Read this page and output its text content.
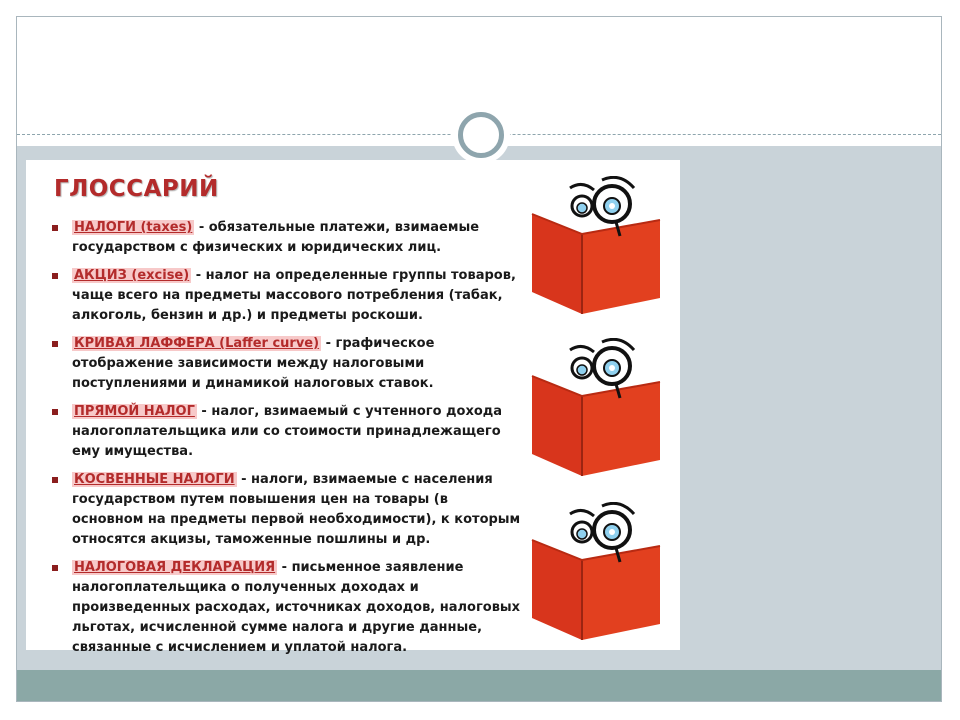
ГЛОССАРИЙ
НАЛОГИ (taxes) - обязательные платежи, взимаемые государством с физических и юридических лиц.
АКЦИЗ (excise) - налог на определенные группы товаров, чаще всего на предметы массового потребления (табак, алкоголь, бензин и др.) и предметы роскоши.
КРИВАЯ ЛАФФЕРА (Laffer curve) - графическое отображение зависимости между налоговыми поступлениями и динамикой налоговых ставок.
ПРЯМОЙ НАЛОГ - налог, взимаемый с учтенного дохода налогоплательщика или со стоимости принадлежащего ему имущества.
КОСВЕННЫЕ НАЛОГИ - налоги, взимаемые с населения государством путем повышения цен на товары (в основном на предметы первой необходимости), к которым относятся акцизы, таможенные пошлины и др.
НАЛОГОВАЯ ДЕКЛАРАЦИЯ - письменное заявление налогоплательщика о полученных доходах и произведенных расходах, источниках доходов, налоговых льготах, исчисленной сумме налога и другие данные, связанные с исчислением и уплатой налога.
